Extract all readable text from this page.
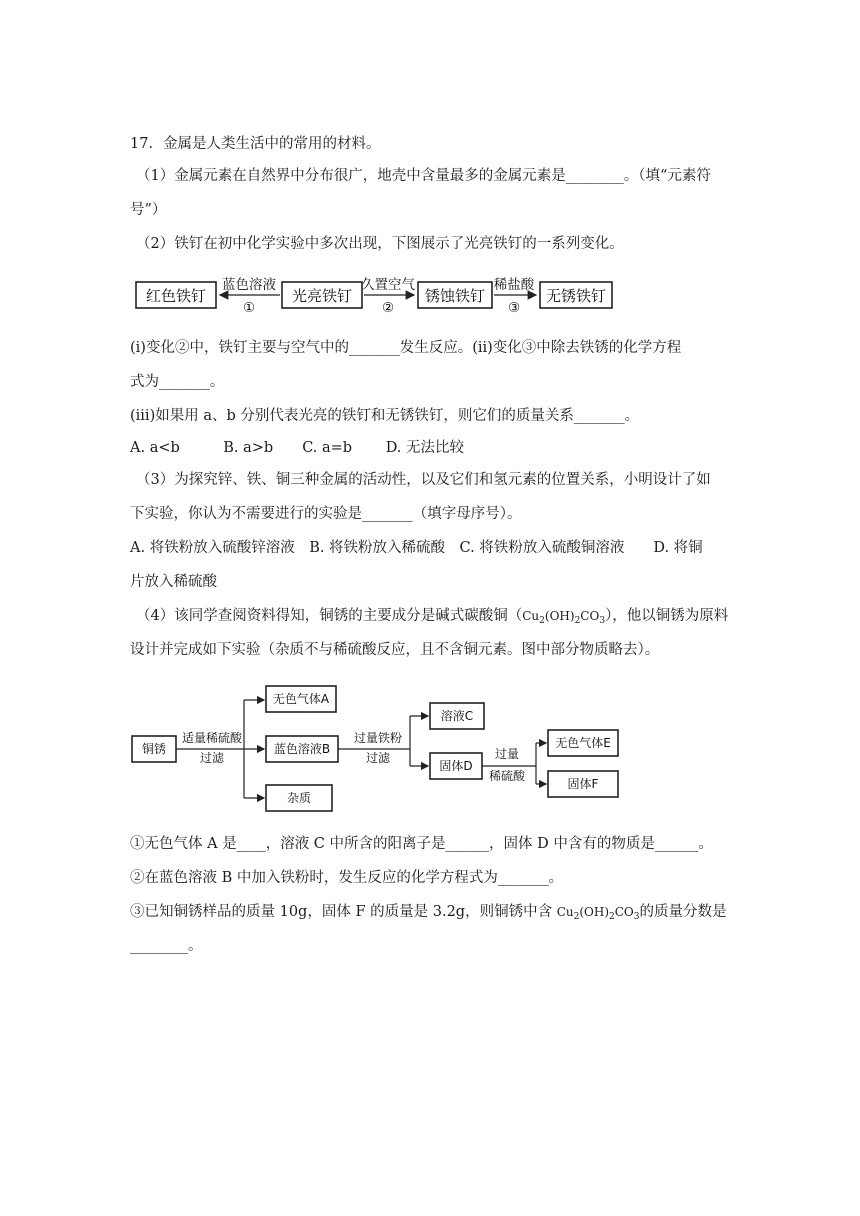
17．金属是人类生活中的常用的材料。
（1）金属元素在自然界中分布很广，地壳中含量最多的金属元素是________。（填“元素符
号”）
（2）铁钉在初中化学实验中多次出现，下图展示了光亮铁钉的一系列变化。
红色铁钉
蓝色溶液
①
光亮铁钉
久置空气
②
锈蚀铁钉
稀盐酸
③
无锈铁钉
(ⅰ)变化②中，铁钉主要与空气中的_______发生反应。(ⅱ)变化③中除去铁锈的化学方程
式为_______。
(iii)如果用 a、b 分别代表光亮的铁钉和无锈铁钉，则它们的质量关系_______。
A. a<b　　　B. a>b　　C. a=b　　 D. 无法比较
（3）为探究锌、铁、铜三种金属的活动性，以及它们和氢元素的位置关系，小明设计了如
下实验，你认为不需要进行的实验是_______（填字母序号）。
A. 将铁粉放入硫酸锌溶液　B. 将铁粉放入稀硫酸　C. 将铁粉放入硫酸铜溶液　　D. 将铜
片放入稀硫酸
（4）该同学查阅资料得知，铜锈的主要成分是碱式碳酸铜$(Cu_2(OH)_2CO_3)$，他以铜锈为原料
设计并完成如下实验（杂质不与稀硫酸反应，且不含铜元素。图中部分物质略去）。
铜锈
适量稀硫酸
过滤
无色气体A
蓝色溶液B
杂质
过量铁粉
过滤
溶液C
固体D
过量
稀硫酸
无色气体E
固体F
①无色气体 A 是____，溶液 C 中所含的阳离子是______，固体 D 中含有的物质是______。
②在蓝色溶液 B 中加入铁粉时，发生反应的化学方程式为_______。
③已知铜锈样品的质量 10g，固体 F 的质量是 3.2g，则铜锈中含 $Cu_2(OH)_2CO_3$的质量分数是
________。
